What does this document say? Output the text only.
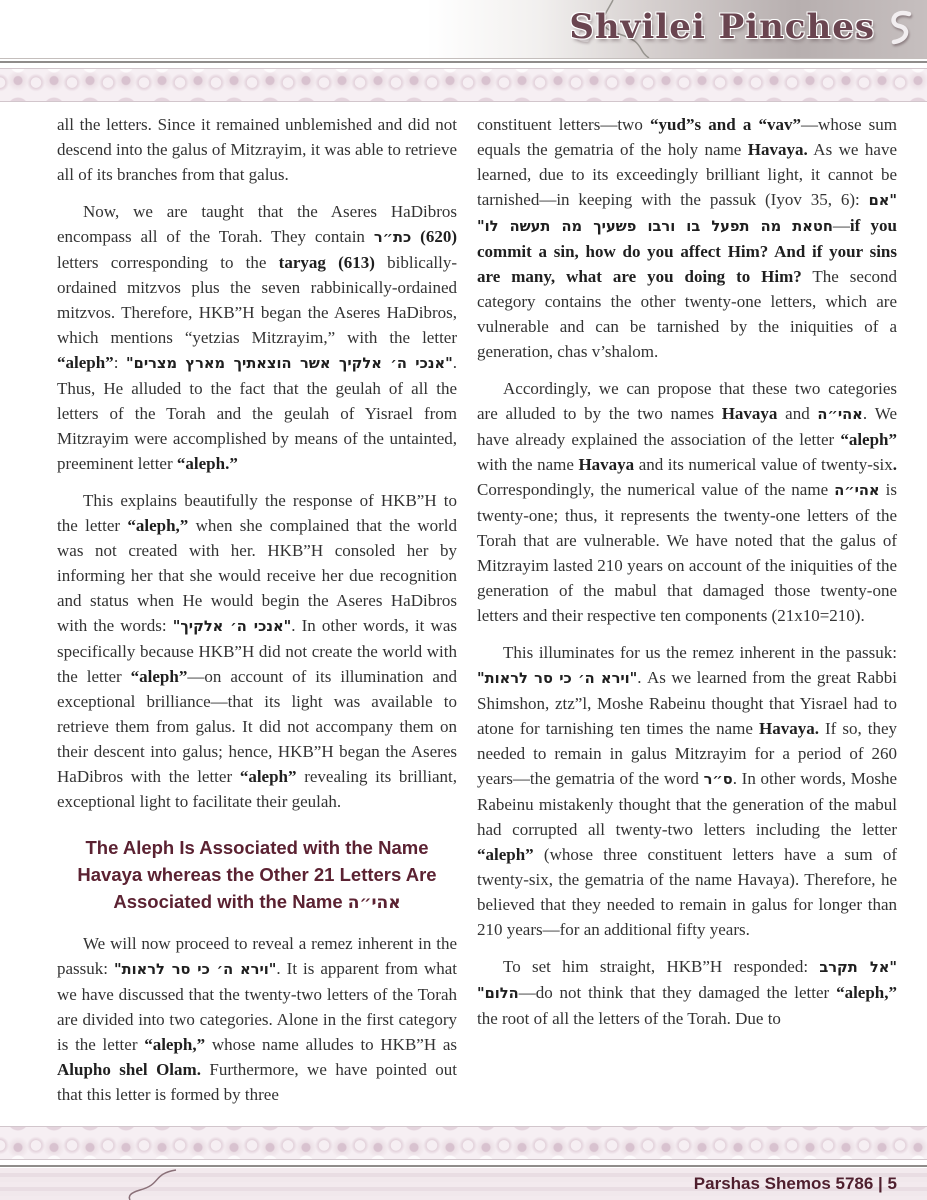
Shvilei Pinches

all the letters. Since it remained unblemished and did not descend into the galus of Mitzrayim, it was able to retrieve all of its branches from that galus.

Now, we are taught that the Aseres HaDibros encompass all of the Torah. They contain כת״ר (620) letters corresponding to the taryag (613) biblically-ordained mitzvos plus the seven rabbinically-ordained mitzvos. Therefore, HKB”H began the Aseres HaDibros, which mentions “yetzias Mitzrayim,” with the letter “aleph”: "אנכי ה׳ אלקיך אשר הוצאתיך מארץ מצרים". Thus, He alluded to the fact that the geulah of all the letters of the Torah and the geulah of Yisrael from Mitzrayim were accomplished by means of the untainted, preeminent letter “aleph.”

This explains beautifully the response of HKB”H to the letter “aleph,” when she complained that the world was not created with her. HKB”H consoled her by informing her that she would receive her due recognition and status when He would begin the Aseres HaDibros with the words: "אנכי ה׳ אלקיך". In other words, it was specifically because HKB”H did not create the world with the letter “aleph”—on account of its illumination and exceptional brilliance—that its light was available to retrieve them from galus. It did not accompany them on their descent into galus; hence, HKB”H began the Aseres HaDibros with the letter “aleph” revealing its brilliant, exceptional light to facilitate their geulah.

The Aleph Is Associated with the Name Havaya whereas the Other 21 Letters Are Associated with the Name אהי״ה

We will now proceed to reveal a remez inherent in the passuk: "וירא ה׳ כי סר לראות". It is apparent from what we have discussed that the twenty-two letters of the Torah are divided into two categories. Alone in the first category is the letter “aleph,” whose name alludes to HKB”H as Alupho shel Olam. Furthermore, we have pointed out that this letter is formed by three

constituent letters—two “yud”s and a “vav”—whose sum equals the gematria of the holy name Havaya. As we have learned, due to its exceedingly brilliant light, it cannot be tarnished—in keeping with the passuk (Iyov 35, 6): "אם חטאת מה תפעל בו ורבו פשעיך מה תעשה לו"—if you commit a sin, how do you affect Him? And if your sins are many, what are you doing to Him? The second category contains the other twenty-one letters, which are vulnerable and can be tarnished by the iniquities of a generation, chas v’shalom.

Accordingly, we can propose that these two categories are alluded to by the two names Havaya and אהי״ה. We have already explained the association of the letter “aleph” with the name Havaya and its numerical value of twenty-six. Correspondingly, the numerical value of the name אהי״ה is twenty-one; thus, it represents the twenty-one letters of the Torah that are vulnerable. We have noted that the galus of Mitzrayim lasted 210 years on account of the iniquities of the generation of the mabul that damaged those twenty-one letters and their respective ten components (21x10=210).

This illuminates for us the remez inherent in the passuk: "וירא ה׳ כי סר לראות". As we learned from the great Rabbi Shimshon, ztz”l, Moshe Rabeinu thought that Yisrael had to atone for tarnishing ten times the name Havaya. If so, they needed to remain in galus Mitzrayim for a period of 260 years—the gematria of the word ס״ר. In other words, Moshe Rabeinu mistakenly thought that the generation of the mabul had corrupted all twenty-two letters including the letter “aleph” (whose three constituent letters have a sum of twenty-six, the gematria of the name Havaya). Therefore, he believed that they needed to remain in galus for longer than 210 years—for an additional fifty years.

To set him straight, HKB”H responded: "אל תקרב הלום"—do not think that they damaged the letter “aleph,” the root of all the letters of the Torah. Due to

Parshas Shemos 5786 | 5
